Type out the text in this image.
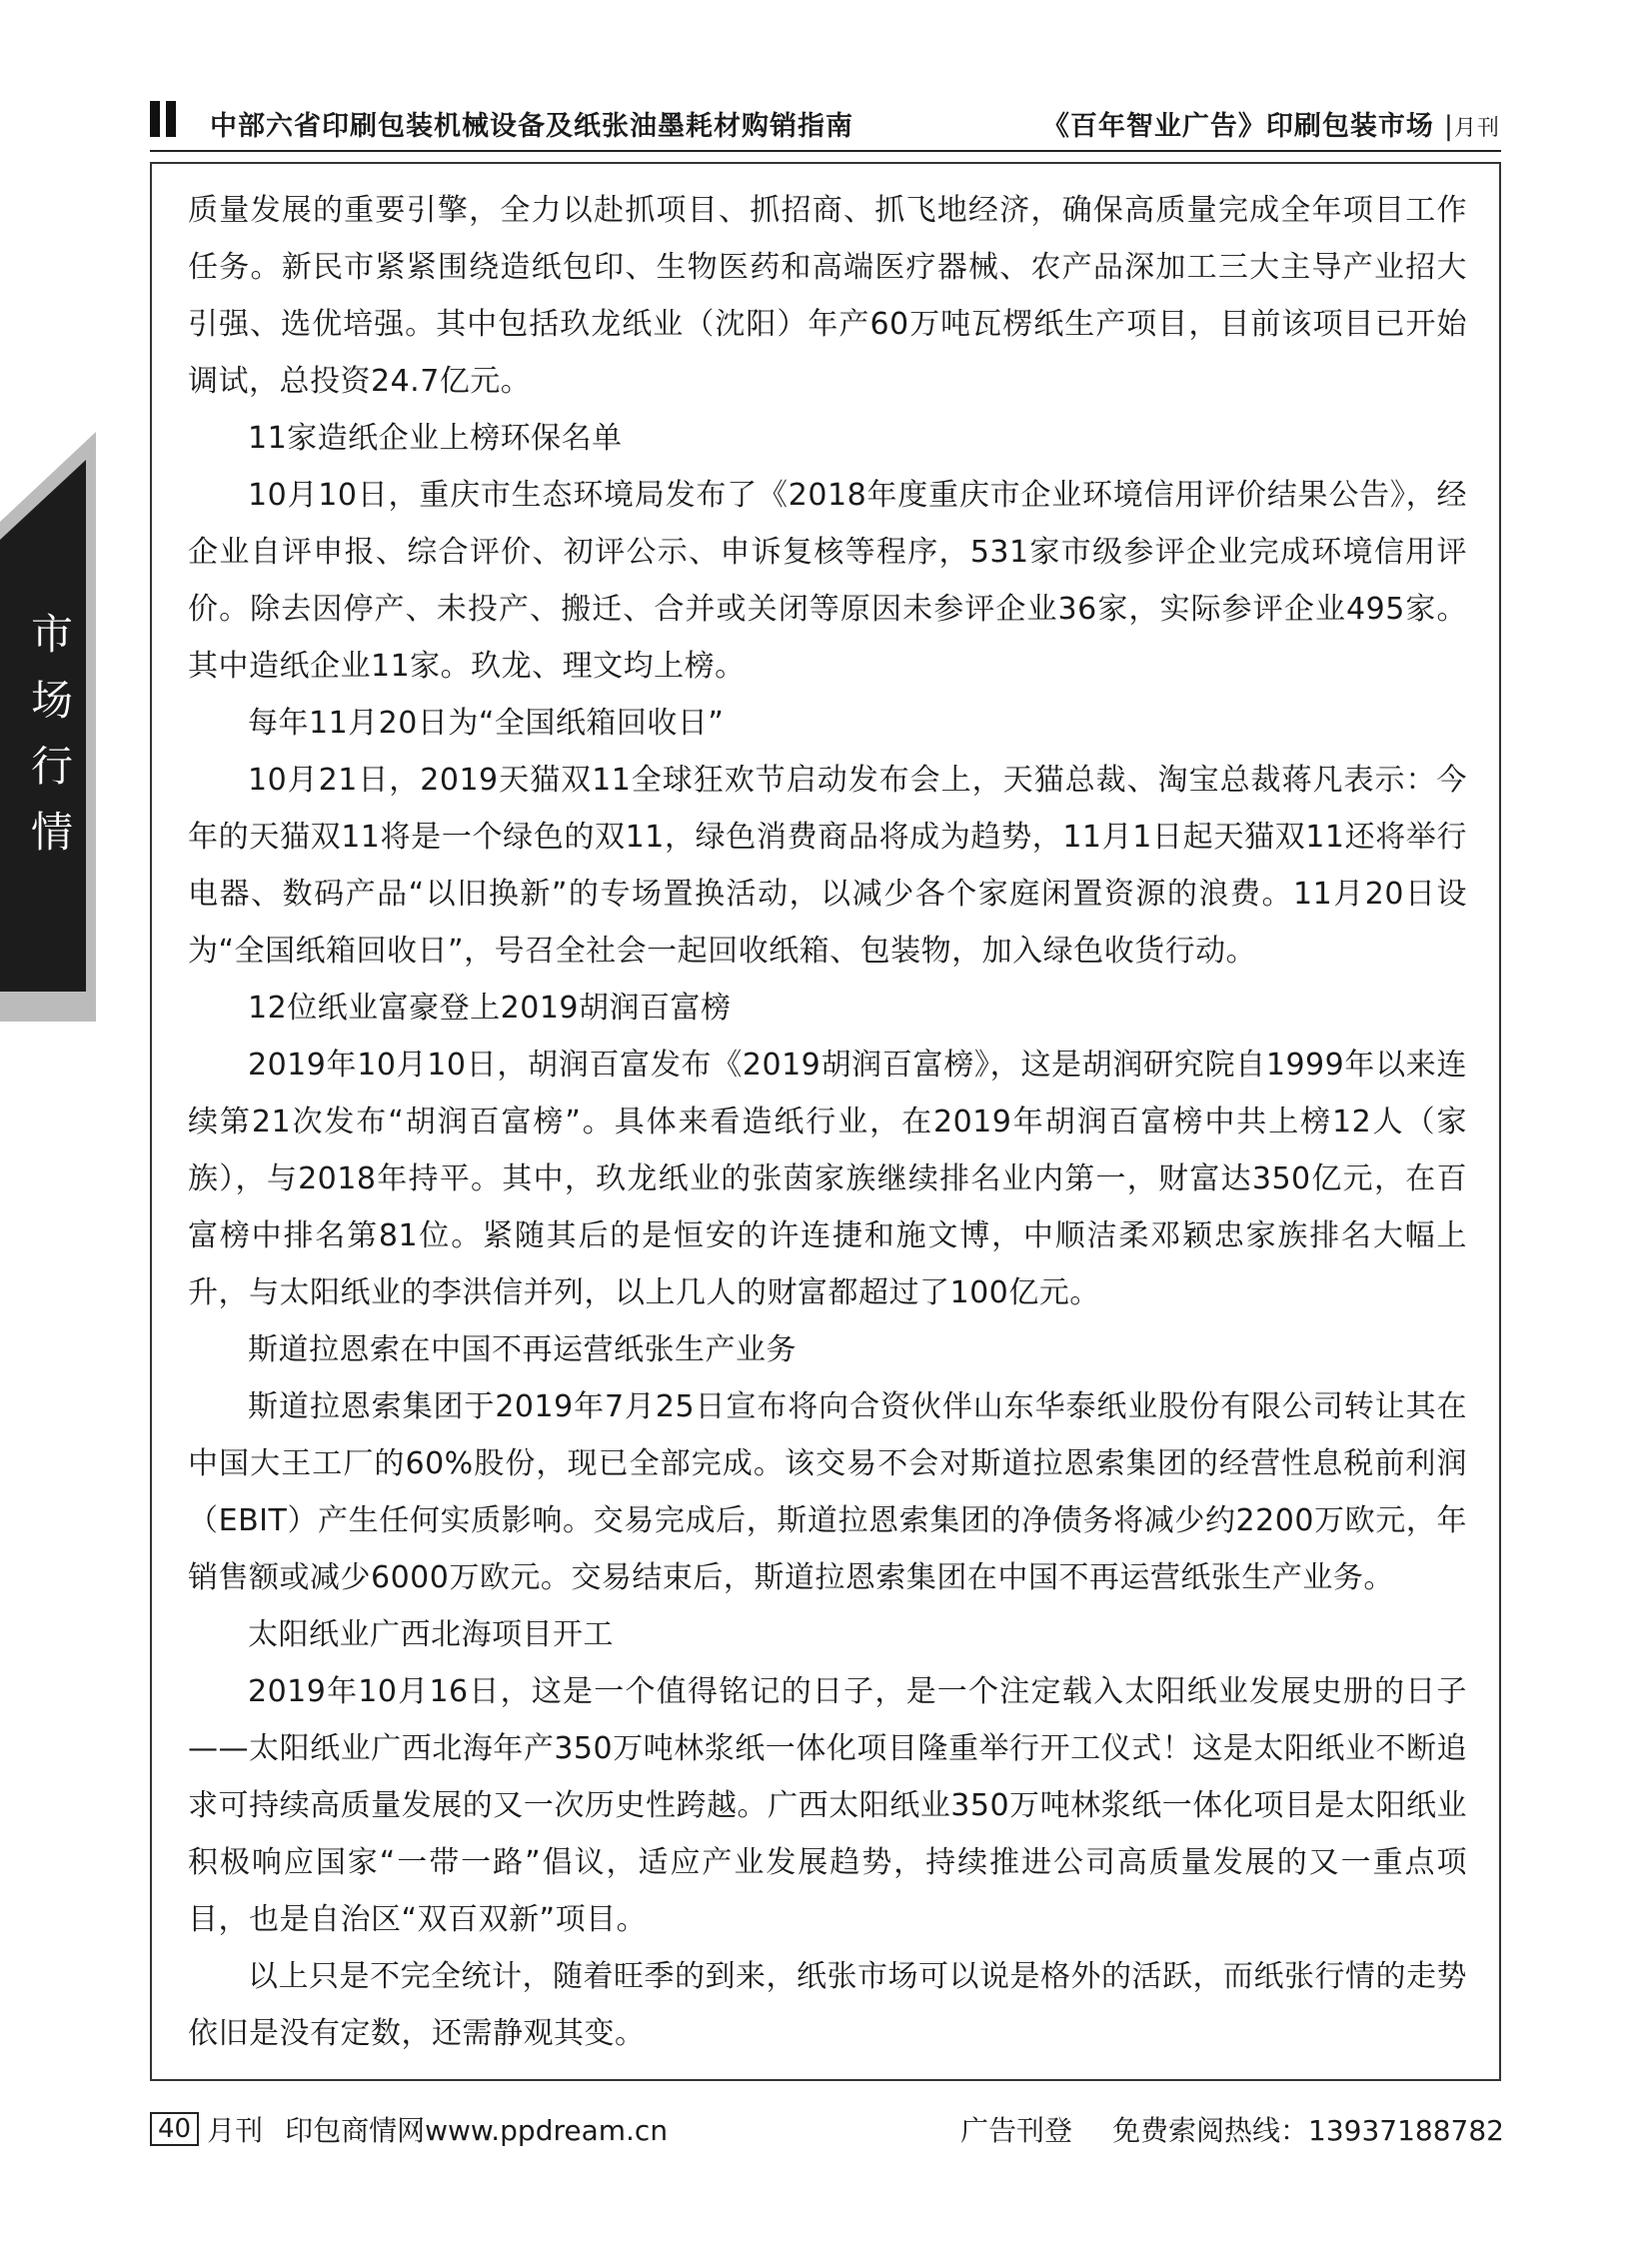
中部六省印刷包装机械设备及纸张油墨耗材购销指南	《百年智业广告》印刷包装市场 |月刊
市
场
行
情

质量发展的重要引擎，全力以赴抓项目、抓招商、抓飞地经济，确保高质量完成全年项目工作任务。新民市紧紧围绕造纸包印、生物医药和高端医疗器械、农产品深加工三大主导产业招大引强、选优培强。其中包括玖龙纸业（沈阳）年产60万吨瓦楞纸生产项目，目前该项目已开始调试，总投资24.7亿元。

11家造纸企业上榜环保名单

10月10日，重庆市生态环境局发布了《2018年度重庆市企业环境信用评价结果公告》，经企业自评申报、综合评价、初评公示、申诉复核等程序，531家市级参评企业完成环境信用评价。除去因停产、未投产、搬迁、合并或关闭等原因未参评企业36家，实际参评企业495家。其中造纸企业11家。玖龙、理文均上榜。

每年11月20日为“全国纸箱回收日”

10月21日，2019天猫双11全球狂欢节启动发布会上，天猫总裁、淘宝总裁蒋凡表示：今年的天猫双11将是一个绿色的双11，绿色消费商品将成为趋势，11月1日起天猫双11还将举行电器、数码产品“以旧换新”的专场置换活动，以减少各个家庭闲置资源的浪费。11月20日设为“全国纸箱回收日”，号召全社会一起回收纸箱、包装物，加入绿色收货行动。

12位纸业富豪登上2019胡润百富榜

2019年10月10日，胡润百富发布《2019胡润百富榜》，这是胡润研究院自1999年以来连续第21次发布“胡润百富榜”。具体来看造纸行业，在2019年胡润百富榜中共上榜12人（家族），与2018年持平。其中，玖龙纸业的张茵家族继续排名业内第一，财富达350亿元，在百富榜中排名第81位。紧随其后的是恒安的许连捷和施文博，中顺洁柔邓颖忠家族排名大幅上升，与太阳纸业的李洪信并列，以上几人的财富都超过了100亿元。

斯道拉恩索在中国不再运营纸张生产业务

斯道拉恩索集团于2019年7月25日宣布将向合资伙伴山东华泰纸业股份有限公司转让其在中国大王工厂的60%股份，现已全部完成。该交易不会对斯道拉恩索集团的经营性息税前利润（EBIT）产生任何实质影响。交易完成后，斯道拉恩索集团的净债务将减少约2200万欧元，年销售额或减少6000万欧元。交易结束后，斯道拉恩索集团在中国不再运营纸张生产业务。

太阳纸业广西北海项目开工

2019年10月16日，这是一个值得铭记的日子，是一个注定载入太阳纸业发展史册的日子——太阳纸业广西北海年产350万吨林浆纸一体化项目隆重举行开工仪式！这是太阳纸业不断追求可持续高质量发展的又一次历史性跨越。广西太阳纸业350万吨林浆纸一体化项目是太阳纸业积极响应国家“一带一路”倡议，适应产业发展趋势，持续推进公司高质量发展的又一重点项目，也是自治区“双百双新”项目。

以上只是不完全统计，随着旺季的到来，纸张市场可以说是格外的活跃，而纸张行情的走势依旧是没有定数，还需静观其变。

40 月刊 印包商情网www.ppdream.cn	广告刊登 免费索阅热线：13937188782
